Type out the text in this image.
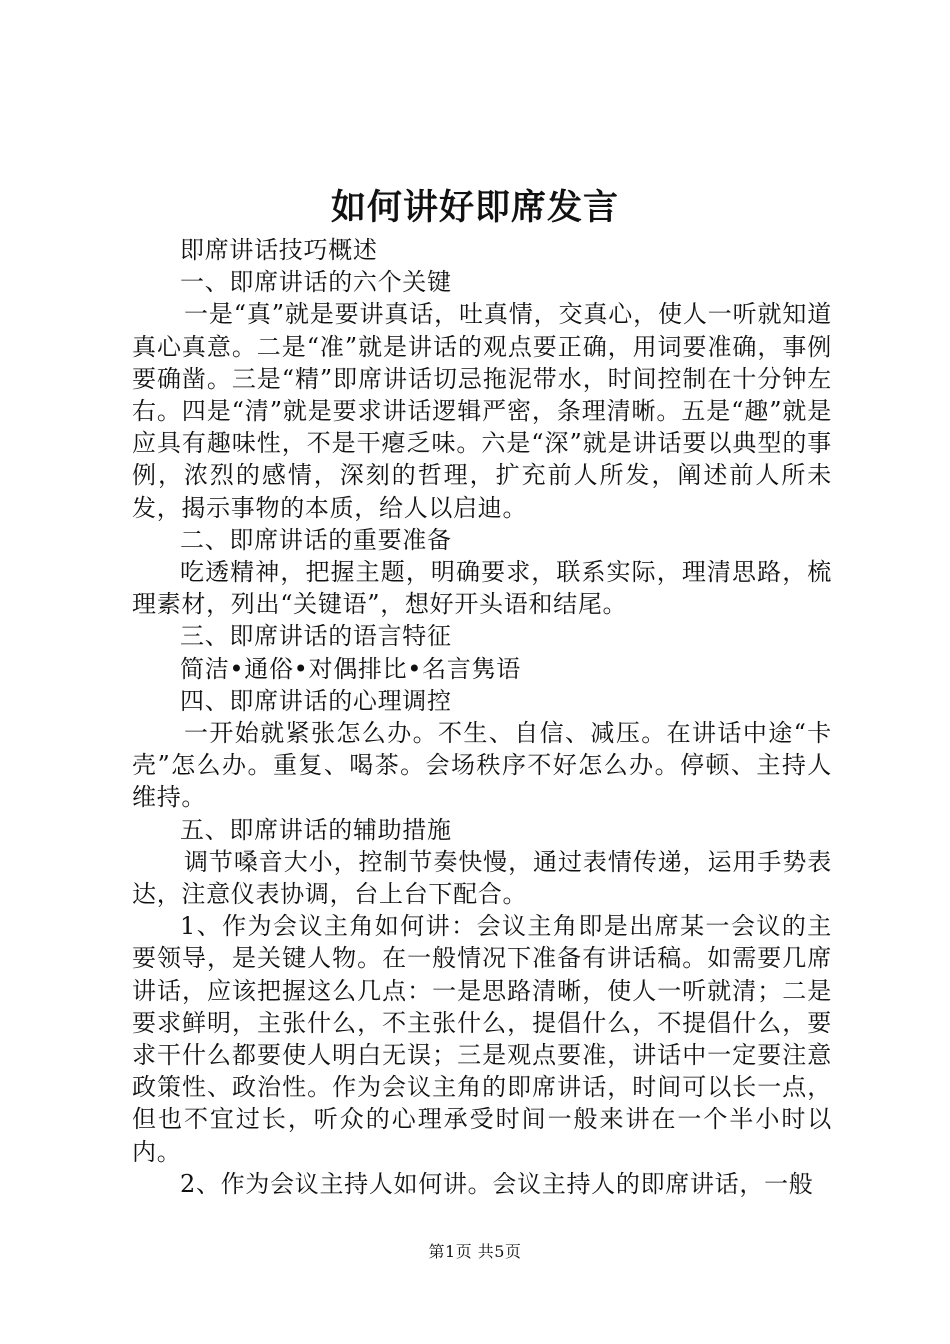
如何讲好即席发言

即席讲话技巧概述

一、即席讲话的六个关键

一是“真”就是要讲真话，吐真情，交真心，使人一听就知道真心真意。二是“准”就是讲话的观点要正确，用词要准确，事例要确凿。三是“精”即席讲话切忌拖泥带水，时间控制在十分钟左右。四是“清”就是要求讲话逻辑严密，条理清晰。五是“趣”就是应具有趣味性，不是干瘪乏味。六是“深”就是讲话要以典型的事例，浓烈的感情，深刻的哲理，扩充前人所发，阐述前人所未发，揭示事物的本质，给人以启迪。

二、即席讲话的重要准备

吃透精神，把握主题，明确要求，联系实际，理清思路，梳理素材，列出“关键语”，想好开头语和结尾。

三、即席讲话的语言特征

简洁•通俗•对偶排比•名言隽语

四、即席讲话的心理调控

一开始就紧张怎么办。不生、自信、减压。在讲话中途“卡壳”怎么办。重复、喝茶。会场秩序不好怎么办。停顿、主持人维持。

五、即席讲话的辅助措施

调节嗓音大小，控制节奏快慢，通过表情传递，运用手势表达，注意仪表协调，台上台下配合。

1、作为会议主角如何讲：会议主角即是出席某一会议的主要领导，是关键人物。在一般情况下准备有讲话稿。如需要几席讲话，应该把握这么几点：一是思路清晰，使人一听就清；二是要求鲜明，主张什么，不主张什么，提倡什么，不提倡什么，要求干什么都要使人明白无误；三是观点要准，讲话中一定要注意政策性、政治性。作为会议主角的即席讲话，时间可以长一点，但也不宜过长，听众的心理承受时间一般来讲在一个半小时以内。

2、作为会议主持人如何讲。会议主持人的即席讲话，一般

第1页 共5页
